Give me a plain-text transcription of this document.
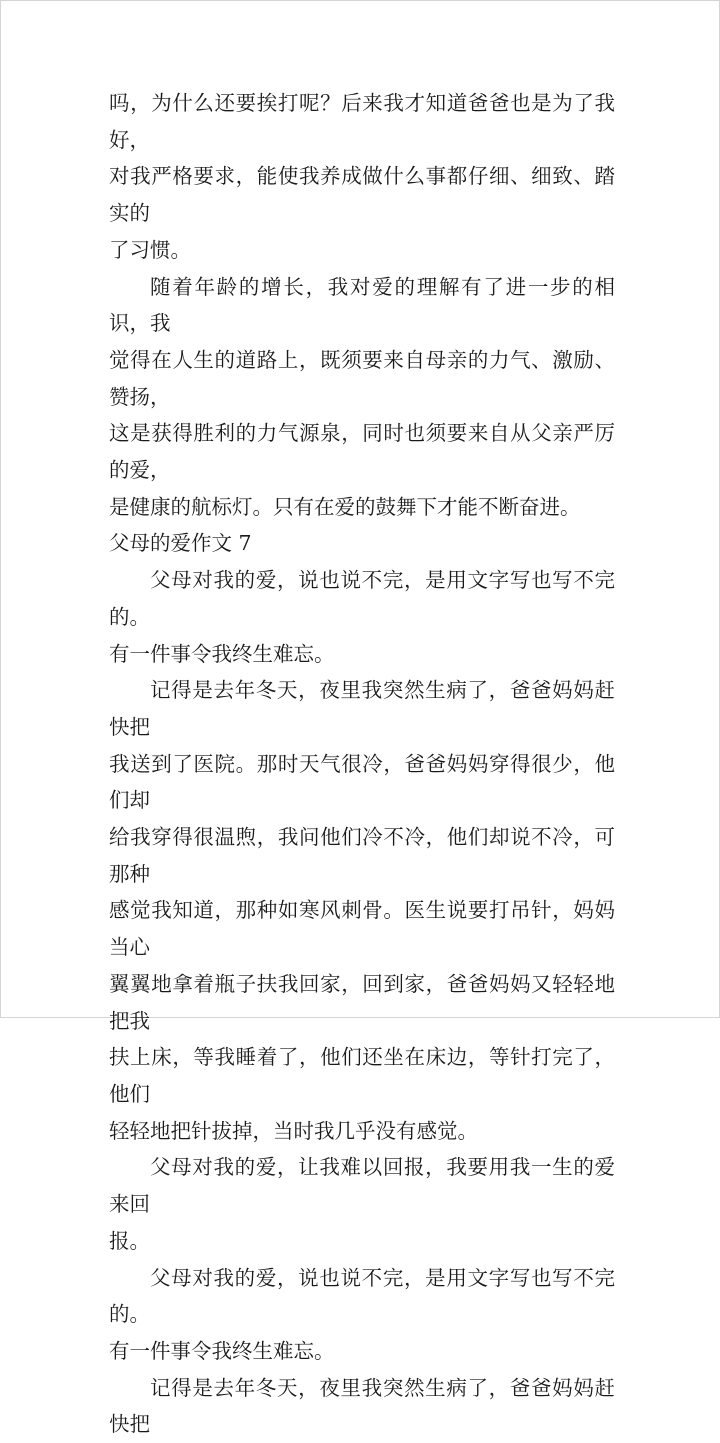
吗，为什么还要挨打呢？后来我才知道爸爸也是为了我好，
对我严格要求，能使我养成做什么事都仔细、细致、踏实的
了习惯。

随着年龄的增长，我对爱的理解有了进一步的相识，我
觉得在人生的道路上，既须要来自母亲的力气、激励、赞扬，
这是获得胜利的力气源泉，同时也须要来自从父亲严厉的爱，
是健康的航标灯。只有在爱的鼓舞下才能不断奋进。

父母的爱作文 7

父母对我的爱，说也说不完，是用文字写也写不完的。
有一件事令我终生难忘。

记得是去年冬天，夜里我突然生病了，爸爸妈妈赶快把
我送到了医院。那时天气很冷，爸爸妈妈穿得很少，他们却
给我穿得很温煦，我问他们冷不冷，他们却说不冷，可那种
感觉我知道，那种如寒风刺骨。医生说要打吊针，妈妈当心
翼翼地拿着瓶子扶我回家，回到家，爸爸妈妈又轻轻地把我
扶上床，等我睡着了，他们还坐在床边，等针打完了，他们
轻轻地把针拔掉，当时我几乎没有感觉。

父母对我的爱，让我难以回报，我要用我一生的爱来回
报。

父母对我的爱，说也说不完，是用文字写也写不完的。
有一件事令我终生难忘。

记得是去年冬天，夜里我突然生病了，爸爸妈妈赶快把
